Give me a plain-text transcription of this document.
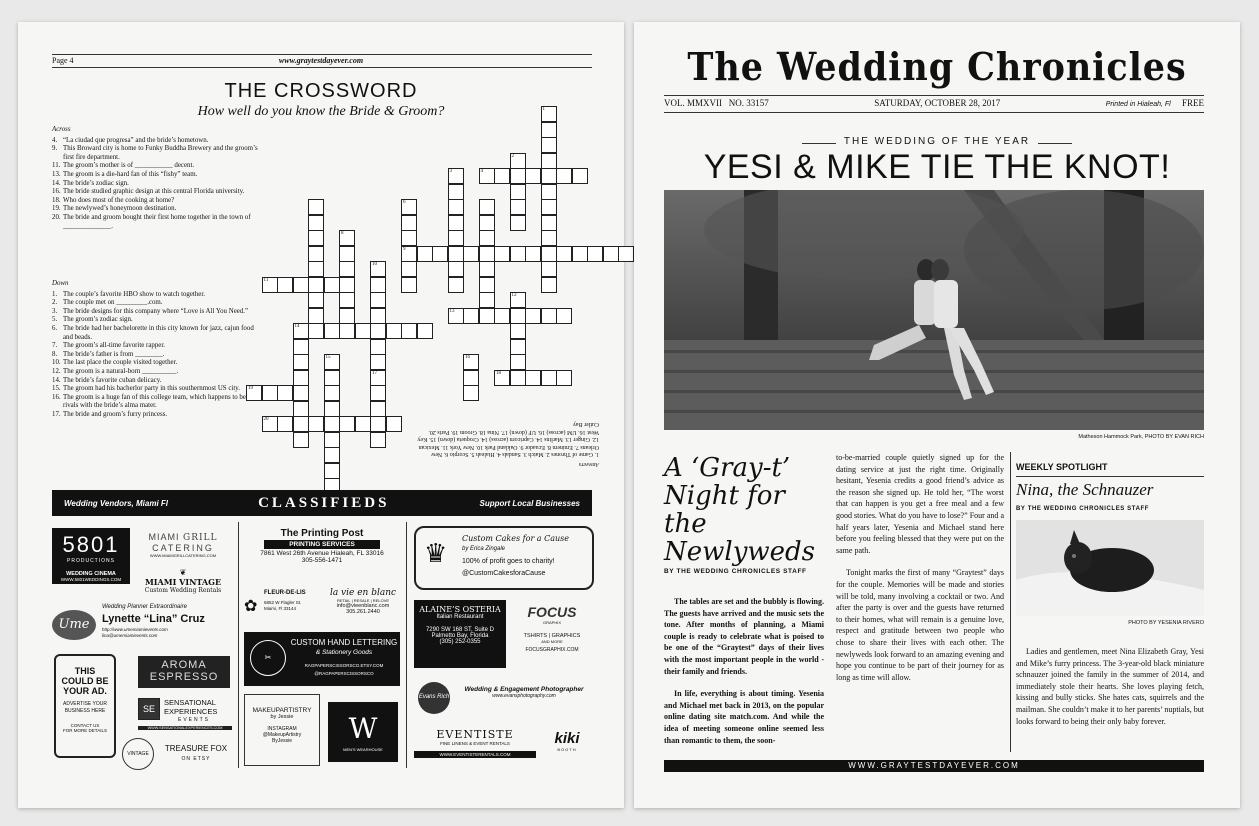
Page 4	www.graytestdayever.com
THE CROSSWORD
How well do you know the Bride & Groom?
Across
4. “La ciudad que progresa” and the bride’s hometown.
9. This Broward city is home to Funky Buddha Brewery and the groom’s first fire department.
11. The groom’s mother is of ___________ decent.
13. The groom is a die-hard fan of this “fishy” team.
14. The bride’s zodiac sign.
16. The bride studied graphic design at this central Florida university.
18. Who does most of the cooking at home?
19. The newlywed’s honeymoon destination.
20. The bride and groom bought their first home together in the town of ______________.
Down
1. The couple’s favorite HBO show to watch together.
2. The couple met on _________.com.
3. The bride designs for this company where “Love is All You Need.”
5. The groom’s zodiac sign.
6. The bride had her bachelorette in this city known for jazz, cajun food and beads.
7. The groom’s all-time favorite rapper.
8. The bride’s father is from ________.
10. The last place the couple visited together.
12. The groom is a natural-born __________.
14. The bride’s favorite cuban delicacy.
15. The groom had his bacherlor party in this southernmost US city.
16. The groom is a huge fan of this college team, which happens to be rivals with the bride’s alma mater.
17. The bride and groom’s furry princess.
1
2
3	4
6
9
8
10
17
11
12
13
14
15	16
18
19
20
Answers
1. Game of Thrones 2. Match 3. Sandals 4. Hialeah 5. Scorpio 6. New Orleans 7. Eminem 8. Ecuador 9. Oakland Park 10. New York 11. Mexican 12. Ginger 13. Marlins 14. Capricorn (across) 14. Croqueta (down) 15. Key West 16. UM (across) 16. UF (down) 17. Nina 18. Groom 19. Paris 20. Cutler Bay
Wedding Vendors, Miami Fl	CLASSIFIEDS	Support Local Businesses
5801
PRODUCTIONS
WEDDING CINEMA
WWW.5801WEDDINGS.COM
MIAMI GRILL
CATERING
WWW.MIAMIGRILLCATERING.COM
❦
MIAMI VINTAGE
Custom Wedding Rentals
Ume
Wedding Planner Extraordinaire
Lynette “Lina” Cruz
http://www.umemiamievents.com
lina@umemiamievents.com
THIS
COULD BE
YOUR AD.
ADVERTISE YOUR BUSINESS HERE
CONTACT US
FOR MORE DETAILS
AROMA
ESPRESSO
SE
SENSATIONAL
EXPERIENCES
EVENTS
WWW.SENSATIONALEXPERIENCES.COM
VINTAGE
TREASURE FOX
ON ETSY
The Printing Post
PRINTING SERVICES
7861 West 26th Avenue Hialeah, FL 33016
305-556-1471
✿
FLEUR-DE-LIS
6852 W Flagler St.
Miami, Fl 33144
la vie en blanc
RETAIL | RESALE | RELOVE
info@vieenblanc.com
305.261.2440
✂
CUSTOM HAND LETTERING
& Stationery Goods
RAGPAPERSCISSORSCO.ETSY.COM
@RAGPAPERSCISSORSCO
MAKEUPARTISTRY
by Jessie
INSTAGRAM
@MakeupArtistry
ByJessie	W
MEN'S WEARHOUSE
♛ Custom Cakes for a Cause
by Erica Zingale
100% of profit goes to charity!
@CustomCakesforaCause
ALAINE’S OSTERIA
Italian Restaurant
7290 SW 168 ST, Suite D
Palmetto Bay, Florida
(305) 252-0355
FOCUS
GRAPHIX
TSHIRTS | GRAPHICS
AND MORE
FOCUSGRAPHIX.COM
Evans Rich
Wedding & Engagement Photographer
www.evansphotography.com
EVENTISTE
FINE LINENS & EVENT RENTALS
WWW.EVENTISTERENTALS.COM
kiki
BOOTH
The Wedding Chronicles
VOL. MMXVII NO. 33157	SATURDAY, OCTOBER 28, 2017	Printed in Hialeah, Fl FREE
THE WEDDING OF THE YEAR
YESI & MIKE TIE THE KNOT!
Matheson Hammock Park, PHOTO BY EVAN RICH
A ‘Gray-t’ Night for the Newlyweds
BY THE WEDDING CHRONICLES STAFF

The tables are set and the bubbly is flowing. The guests have arrived and the music sets the tone. After months of planning, a Miami couple is ready to celebrate what is poised to be one of the “Graytest” days of their lives with the most important people in the world - their family and friends.

In life, everything is about timing. Yesenia and Michael met back in 2013, on the popular online dating site match.com. And while the idea of meeting someone online seemed less than romantic to them, the soon-

to-be-married couple quietly signed up for the dating service at just the right time. Originally hesitant, Yesenia credits a good friend’s advice as the reason she signed up. He told her, “The worst that can happen is you get a free meal and a few good stories. What do you have to lose?” Four and a half years later, Yesenia and Michael stand here before you feeling blessed that they were put on the same path.

Tonight marks the first of many “Graytest” days for the couple. Memories will be made and stories will be told, many involving a cocktail or two. And after the party is over and the guests have returned to their homes, what will remain is a genuine love, respect and gratitude between two people who chose to share their lives with each other. The newlyweds look forward to an amazing evening and hope you continue to be part of their journey for as long as time will allow.

WEEKLY SPOTLIGHT
Nina, the Schnauzer
BY THE WEDDING CHRONICLES STAFF
PHOTO BY YESENIA RIVERO
Ladies and gentlemen, meet Nina Elizabeth Gray, Yesi and Mike’s furry princess. The 3-year-old black miniature schnauzer joined the family in the summer of 2014, and immediately stole their hearts. She loves playing fetch, kissing and bully sticks. She hates cats, squirrels and the mailman. She couldn’t make it to her parents’ nuptials, but looks forward to being their only baby forever.
WWW.GRAYTESTDAYEVER.COM
